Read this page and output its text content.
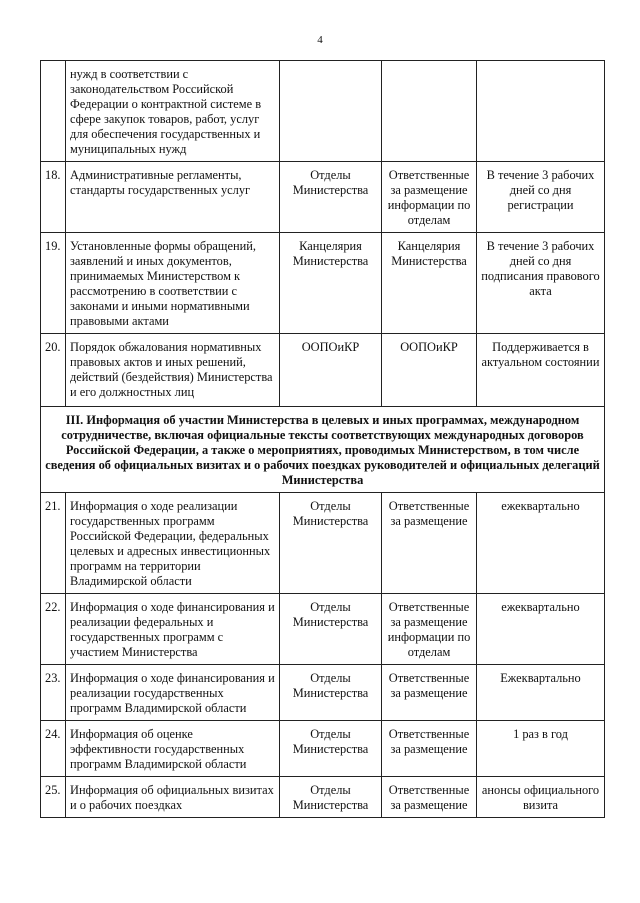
4
	нужд в соответствии с законодательством Российской Федерации о контрактной системе в сфере закупок товаров, работ, услуг для обеспечения государственных и муниципальных нужд			
18.	Административные регламенты, стандарты государственных услуг	Отделы Министерства	Ответственные за размещение информации по отделам	В течение 3 рабочих дней со дня регистрации
19.	Установленные формы обращений, заявлений и иных документов, принимаемых Министерством к рассмотрению в соответствии с законами и иными нормативными правовыми актами	Канцелярия Министерства	Канцелярия Министерства	В течение 3 рабочих дней со дня подписания правового акта
20.	Порядок обжалования нормативных правовых актов и иных решений, действий (бездействия) Министерства и его должностных лиц	ООПОиКР	ООПОиКР	Поддерживается в актуальном состоянии
III. Информация об участии Министерства в целевых и иных программах, международном сотрудничестве, включая официальные тексты соответствующих международных договоров Российской Федерации, а также о мероприятиях, проводимых Министерством, в том числе сведения об официальных визитах и о рабочих поездках руководителей и официальных делегаций Министерства				
21.	Информация о ходе реализации государственных программ Российской Федерации, федеральных целевых и адресных инвестиционных программ на территории Владимирской области	Отделы Министерства	Ответственные за размещение	ежеквартально
22.	Информация о ходе финансирования и реализации федеральных и государственных программ с участием Министерства	Отделы Министерства	Ответственные за размещение информации по отделам	ежеквартально
23.	Информация о ходе финансирования и реализации государственных программ Владимирской области	Отделы Министерства	Ответственные за размещение	Ежеквартально
24.	Информация об оценке эффективности государственных программ Владимирской области	Отделы Министерства	Ответственные за размещение	1 раз в год
25.	Информация об официальных визитах и о рабочих поездках	Отделы Министерства	Ответственные за размещение	анонсы официального визита
